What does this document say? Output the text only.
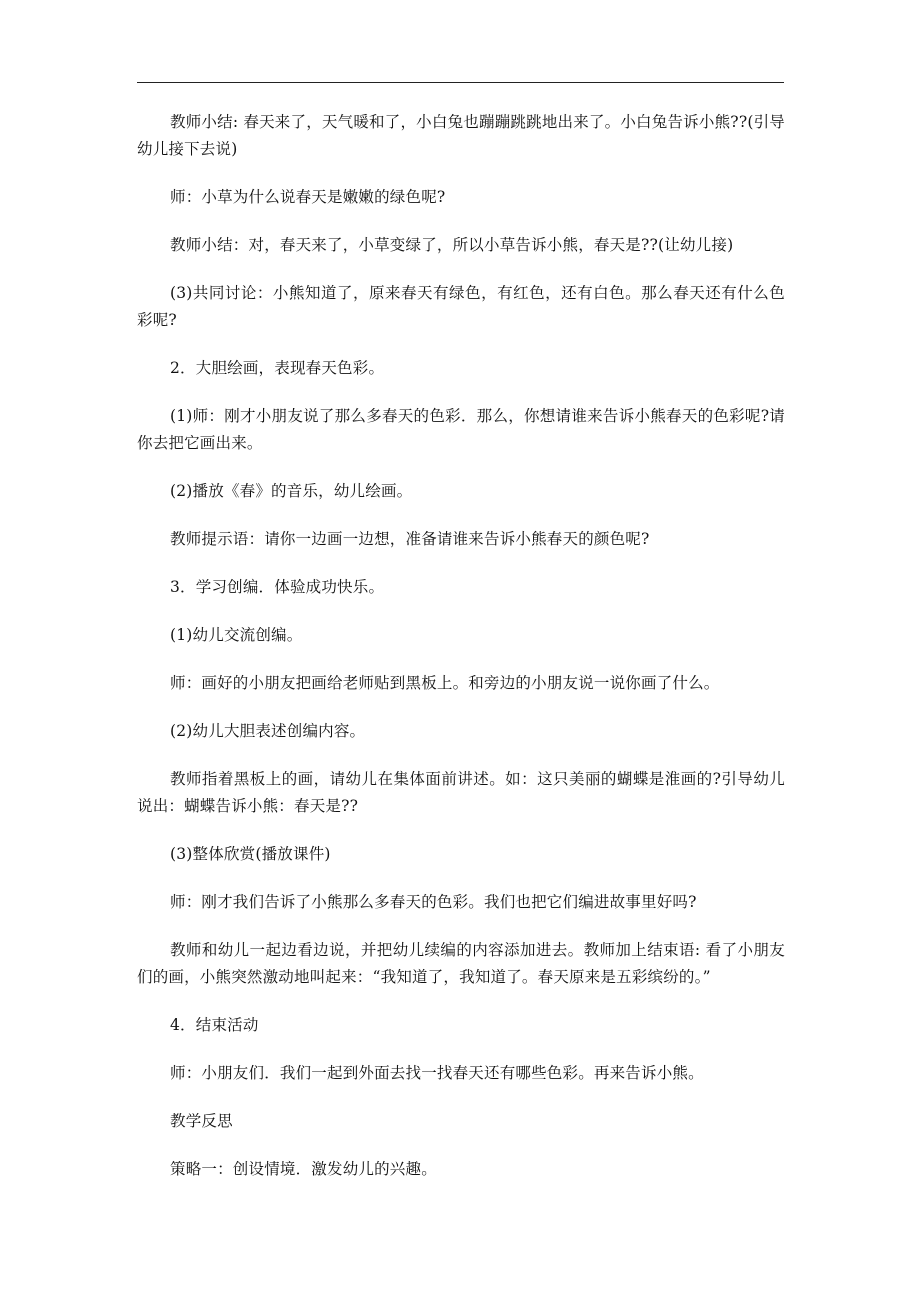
教师小结: 春天来了，天气暖和了，小白兔也蹦蹦跳跳地出来了。小白兔告诉小熊??(引导幼儿接下去说)

师：小草为什么说春天是嫩嫩的绿色呢?

教师小结：对，春天来了，小草变绿了，所以小草告诉小熊，春天是??(让幼儿接)

(3)共同讨论：小熊知道了，原来春天有绿色，有红色，还有白色。那么春天还有什么色彩呢?

2．大胆绘画，表现春天色彩。

(1)师：刚才小朋友说了那么多春天的色彩．那么，你想请谁来告诉小熊春天的色彩呢?请你去把它画出来。

(2)播放《春》的音乐，幼儿绘画。

教师提示语：请你一边画一边想，准备请谁来告诉小熊春天的颜色呢?

3．学习创编．体验成功快乐。

(1)幼儿交流创编。

师：画好的小朋友把画给老师贴到黑板上。和旁边的小朋友说一说你画了什么。

(2)幼儿大胆表述创编内容。

教师指着黑板上的画，请幼儿在集体面前讲述。如：这只美丽的蝴蝶是淮画的?引导幼儿说出：蝴蝶告诉小熊：春天是??

(3)整体欣赏(播放课件)

师：刚才我们告诉了小熊那么多春天的色彩。我们也把它们编进故事里好吗?

教师和幼儿一起边看边说，并把幼儿续编的内容添加进去。教师加上结束语: 看了小朋友们的画，小熊突然激动地叫起来：“我知道了，我知道了。春天原来是五彩缤纷的。”

4．结束活动

师：小朋友们．我们一起到外面去找一找春天还有哪些色彩。再来告诉小熊。

教学反思

策略一：创设情境．激发幼儿的兴趣。
